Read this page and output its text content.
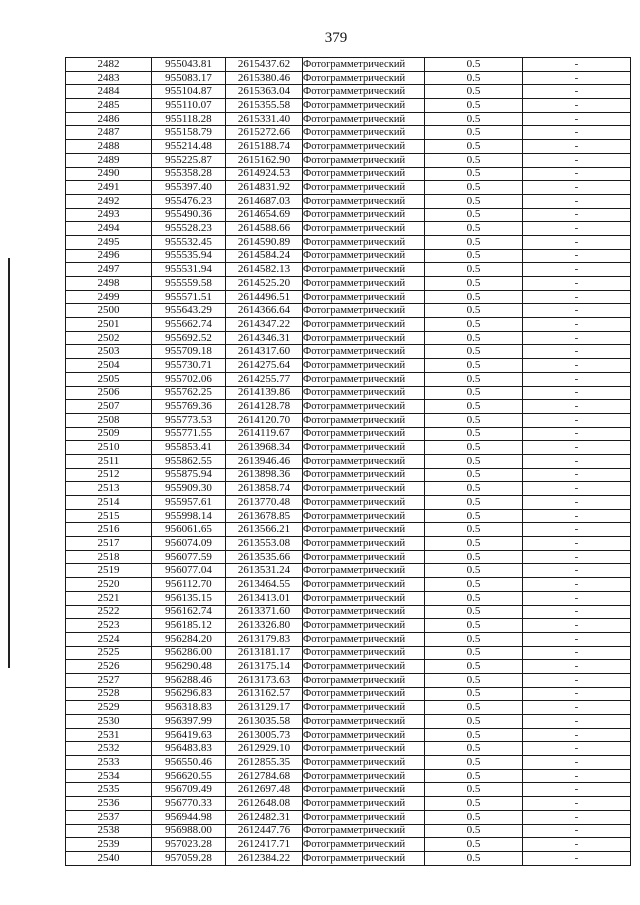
379
2482	955043.81	2615437.62	Фотограмметрический	0.5	-
2483	955083.17	2615380.46	Фотограмметрический	0.5	-
2484	955104.87	2615363.04	Фотограмметрический	0.5	-
2485	955110.07	2615355.58	Фотограмметрический	0.5	-
2486	955118.28	2615331.40	Фотограмметрический	0.5	-
2487	955158.79	2615272.66	Фотограмметрический	0.5	-
2488	955214.48	2615188.74	Фотограмметрический	0.5	-
2489	955225.87	2615162.90	Фотограмметрический	0.5	-
2490	955358.28	2614924.53	Фотограмметрический	0.5	-
2491	955397.40	2614831.92	Фотограмметрический	0.5	-
2492	955476.23	2614687.03	Фотограмметрический	0.5	-
2493	955490.36	2614654.69	Фотограмметрический	0.5	-
2494	955528.23	2614588.66	Фотограмметрический	0.5	-
2495	955532.45	2614590.89	Фотограмметрический	0.5	-
2496	955535.94	2614584.24	Фотограмметрический	0.5	-
2497	955531.94	2614582.13	Фотограмметрический	0.5	-
2498	955559.58	2614525.20	Фотограмметрический	0.5	-
2499	955571.51	2614496.51	Фотограмметрический	0.5	-
2500	955643.29	2614366.64	Фотограмметрический	0.5	-
2501	955662.74	2614347.22	Фотограмметрический	0.5	-
2502	955692.52	2614346.31	Фотограмметрический	0.5	-
2503	955709.18	2614317.60	Фотограмметрический	0.5	-
2504	955730.71	2614275.64	Фотограмметрический	0.5	-
2505	955702.06	2614255.77	Фотограмметрический	0.5	-
2506	955762.25	2614139.86	Фотограмметрический	0.5	-
2507	955769.36	2614128.78	Фотограмметрический	0.5	-
2508	955773.53	2614120.70	Фотограмметрический	0.5	-
2509	955771.55	2614119.67	Фотограмметрический	0.5	-
2510	955853.41	2613968.34	Фотограмметрический	0.5	-
2511	955862.55	2613946.46	Фотограмметрический	0.5	-
2512	955875.94	2613898.36	Фотограмметрический	0.5	-
2513	955909.30	2613858.74	Фотограмметрический	0.5	-
2514	955957.61	2613770.48	Фотограмметрический	0.5	-
2515	955998.14	2613678.85	Фотограмметрический	0.5	-
2516	956061.65	2613566.21	Фотограмметрический	0.5	-
2517	956074.09	2613553.08	Фотограмметрический	0.5	-
2518	956077.59	2613535.66	Фотограмметрический	0.5	-
2519	956077.04	2613531.24	Фотограмметрический	0.5	-
2520	956112.70	2613464.55	Фотограмметрический	0.5	-
2521	956135.15	2613413.01	Фотограмметрический	0.5	-
2522	956162.74	2613371.60	Фотограмметрический	0.5	-
2523	956185.12	2613326.80	Фотограмметрический	0.5	-
2524	956284.20	2613179.83	Фотограмметрический	0.5	-
2525	956286.00	2613181.17	Фотограмметрический	0.5	-
2526	956290.48	2613175.14	Фотограмметрический	0.5	-
2527	956288.46	2613173.63	Фотограмметрический	0.5	-
2528	956296.83	2613162.57	Фотограмметрический	0.5	-
2529	956318.83	2613129.17	Фотограмметрический	0.5	-
2530	956397.99	2613035.58	Фотограмметрический	0.5	-
2531	956419.63	2613005.73	Фотограмметрический	0.5	-
2532	956483.83	2612929.10	Фотограмметрический	0.5	-
2533	956550.46	2612855.35	Фотограмметрический	0.5	-
2534	956620.55	2612784.68	Фотограмметрический	0.5	-
2535	956709.49	2612697.48	Фотограмметрический	0.5	-
2536	956770.33	2612648.08	Фотограмметрический	0.5	-
2537	956944.98	2612482.31	Фотограмметрический	0.5	-
2538	956988.00	2612447.76	Фотограмметрический	0.5	-
2539	957023.28	2612417.71	Фотограмметрический	0.5	-
2540	957059.28	2612384.22	Фотограмметрический	0.5	-
